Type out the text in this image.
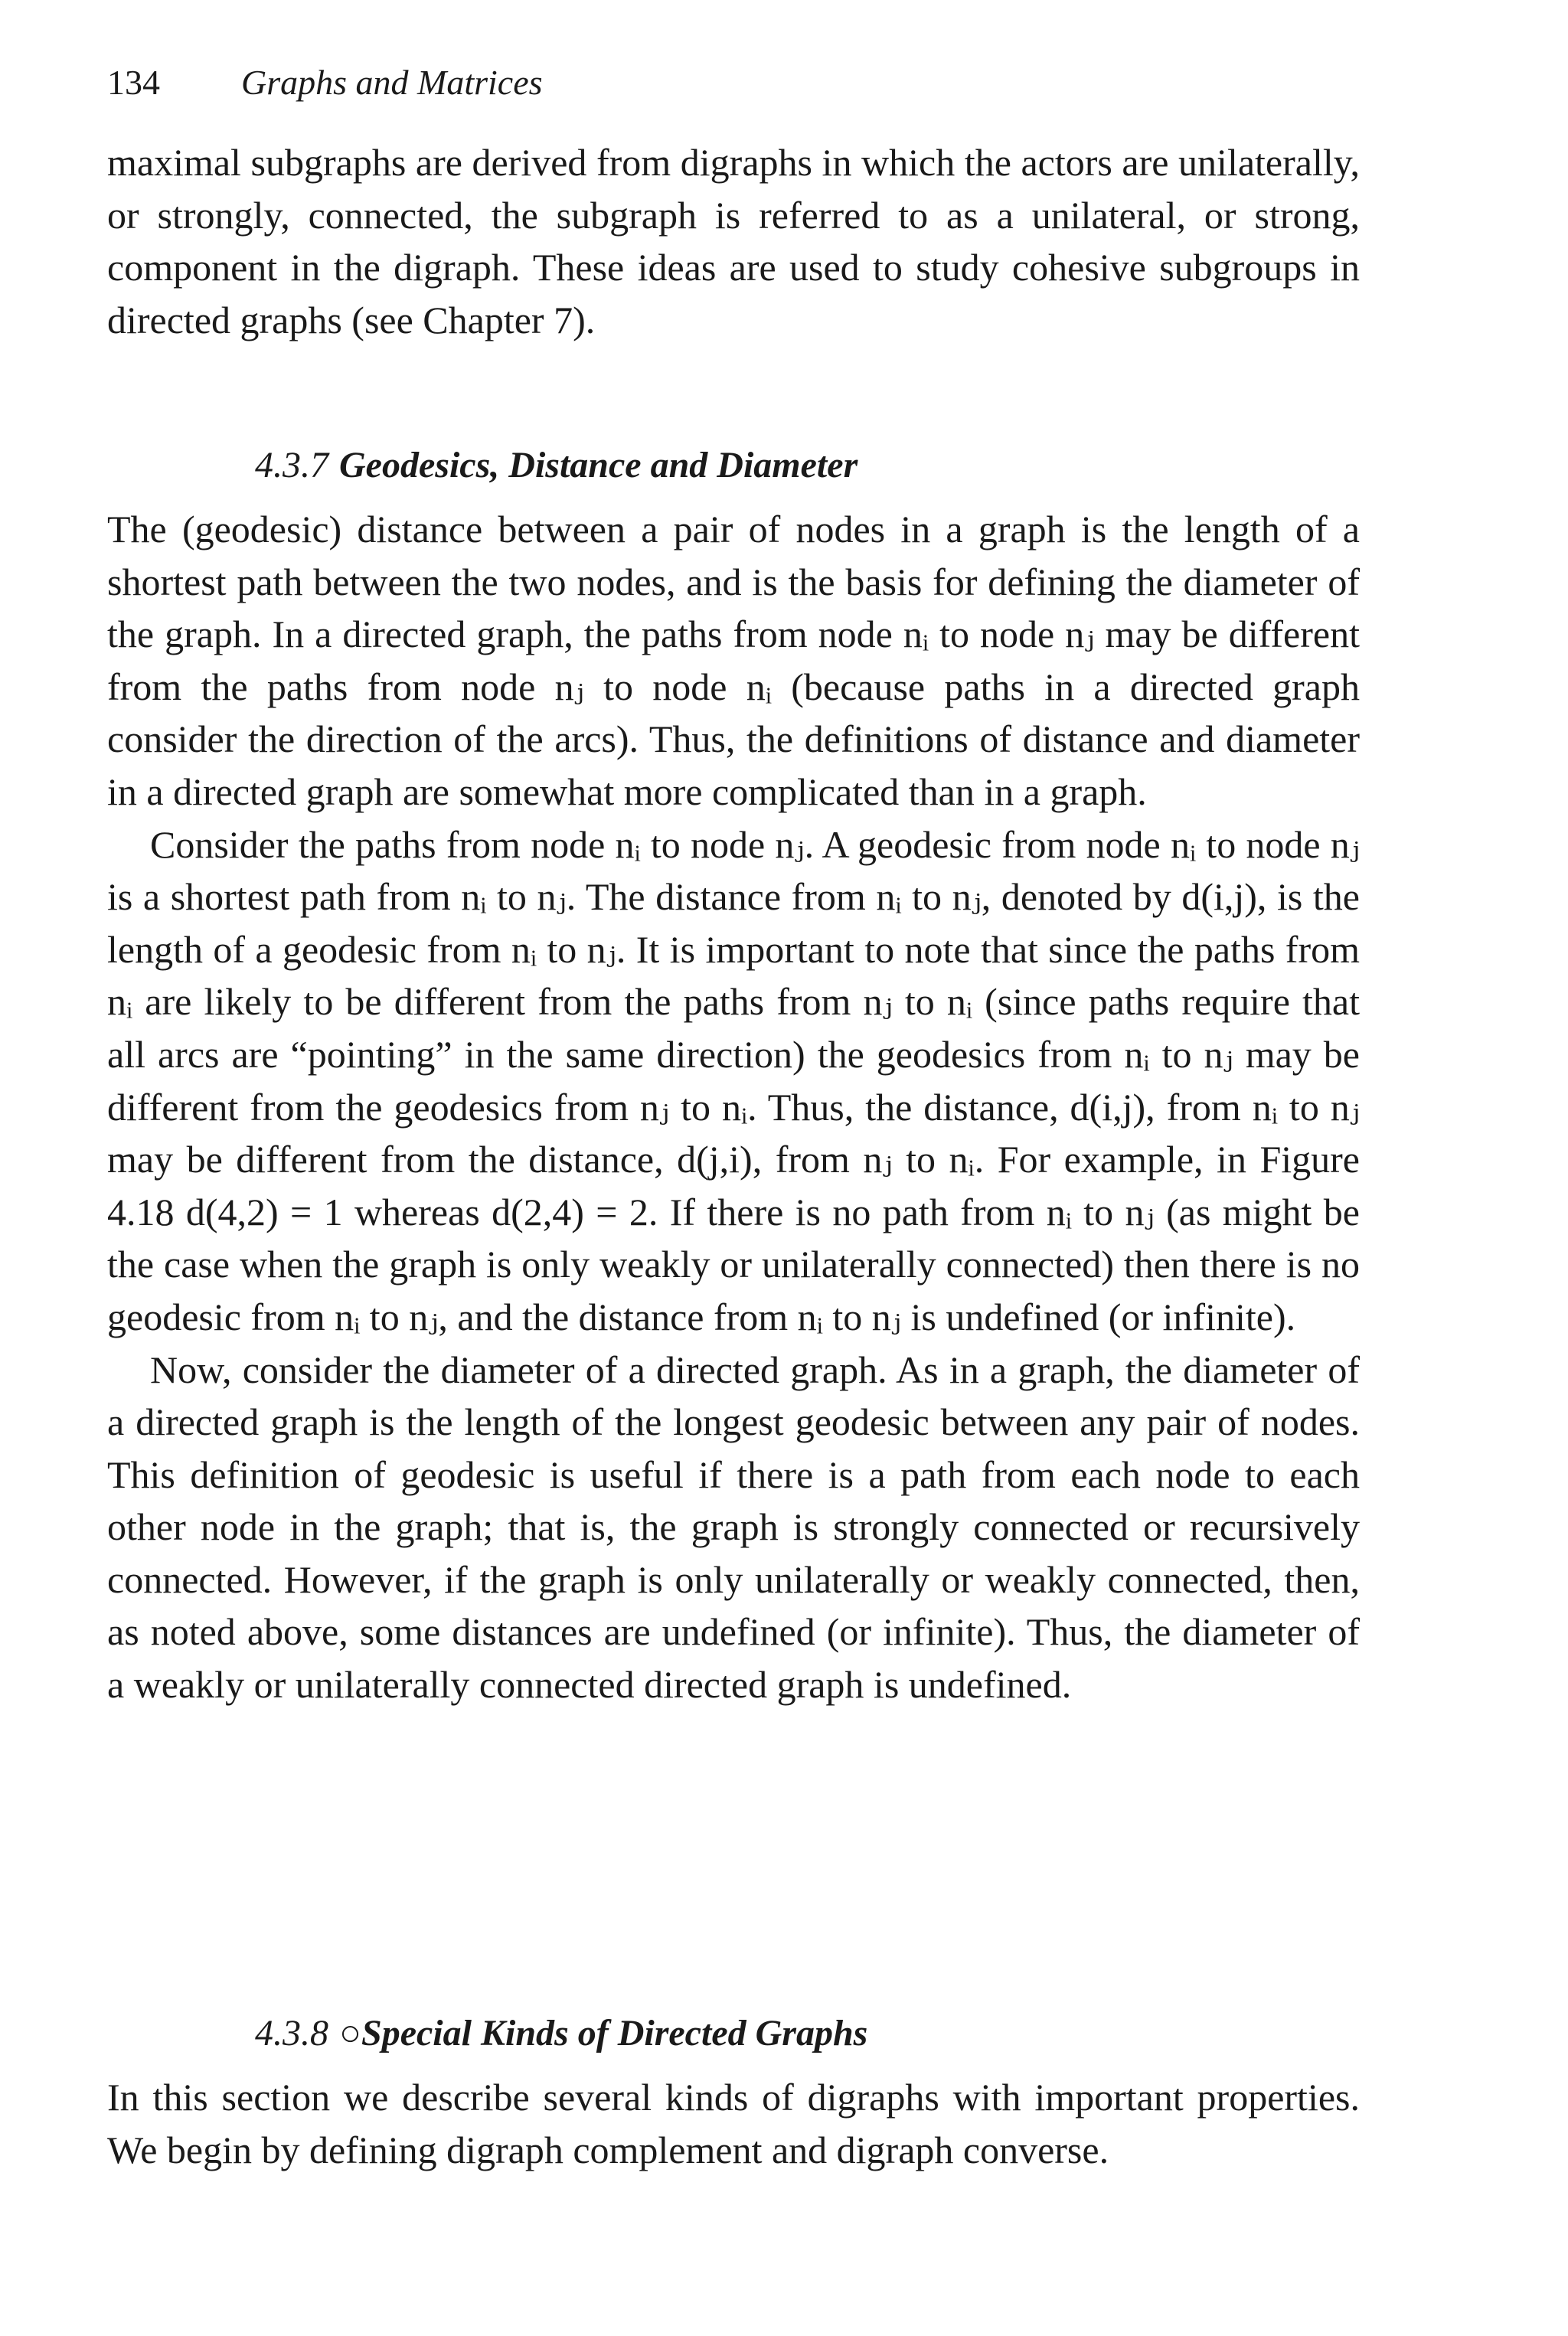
134 Graphs and Matrices

maximal subgraphs are derived from digraphs in which the actors are unilaterally, or strongly, connected, the subgraph is referred to as a unilateral, or strong, component in the digraph. These ideas are used to study cohesive subgroups in directed graphs (see Chapter 7).

4.3.7 Geodesics, Distance and Diameter

The (geodesic) distance between a pair of nodes in a graph is the length of a shortest path between the two nodes, and is the basis for defining the diameter of the graph. In a directed graph, the paths from node nᵢ to node nⱼ may be different from the paths from node nⱼ to node nᵢ (because paths in a directed graph consider the direction of the arcs). Thus, the definitions of distance and diameter in a directed graph are somewhat more complicated than in a graph.

Consider the paths from node nᵢ to node nⱼ. A geodesic from node nᵢ to node nⱼ is a shortest path from nᵢ to nⱼ. The distance from nᵢ to nⱼ, denoted by d(i,j), is the length of a geodesic from nᵢ to nⱼ. It is important to note that since the paths from nᵢ are likely to be different from the paths from nⱼ to nᵢ (since paths require that all arcs are “pointing” in the same direction) the geodesics from nᵢ to nⱼ may be different from the geodesics from nⱼ to nᵢ. Thus, the distance, d(i,j), from nᵢ to nⱼ may be different from the distance, d(j,i), from nⱼ to nᵢ. For example, in Figure 4.18 d(4,2) = 1 whereas d(2,4) = 2. If there is no path from nᵢ to nⱼ (as might be the case when the graph is only weakly or unilaterally connected) then there is no geodesic from nᵢ to nⱼ, and the distance from nᵢ to nⱼ is undefined (or infinite).

Now, consider the diameter of a directed graph. As in a graph, the diameter of a directed graph is the length of the longest geodesic between any pair of nodes. This definition of geodesic is useful if there is a path from each node to each other node in the graph; that is, the graph is strongly connected or recursively connected. However, if the graph is only unilaterally or weakly connected, then, as noted above, some distances are undefined (or infinite). Thus, the diameter of a weakly or unilaterally connected directed graph is undefined.

4.3.8 ○Special Kinds of Directed Graphs

In this section we describe several kinds of digraphs with important properties. We begin by defining digraph complement and digraph converse.
